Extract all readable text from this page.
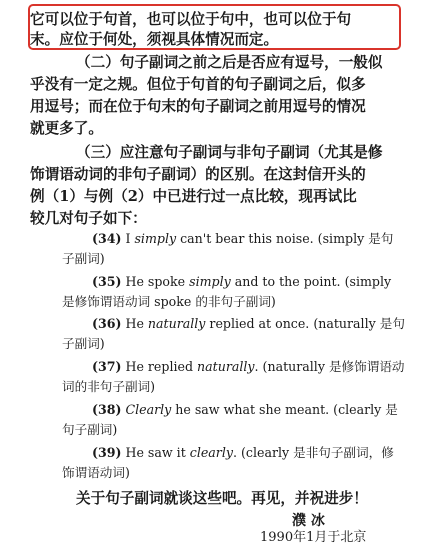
它可以位于句首，也可以位于句中，也可以位于句
末。应位于何处，须视具体情况而定。
（二）句子副词之前之后是否应有逗号，一般似
乎没有一定之规。但位于句首的句子副词之后，似多
用逗号；而在位于句末的句子副词之前用逗号的情况
就更多了。
（三）应注意句子副词与非句子副词（尤其是修
饰谓语动词的非句子副词）的区别。在这封信开头的
例（1）与例（2）中已进行过一点比较，现再试比
较几对句子如下：
(34) I simply can't bear this noise. (simply 是句
子副词)
(35) He spoke simply and to the point. (simply
是修饰谓语动词 spoke 的非句子副词)
(36) He naturally replied at once. (naturally 是句
子副词)
(37) He replied naturally. (naturally 是修饰谓语动
词的非句子副词)
(38) Clearly he saw what she meant. (clearly 是
句子副词)
(39) He saw it clearly. (clearly 是非句子副词，修
饰谓语动词)
关于句子副词就谈这些吧。再见，并祝进步！
濮 冰
1990年1月于北京
